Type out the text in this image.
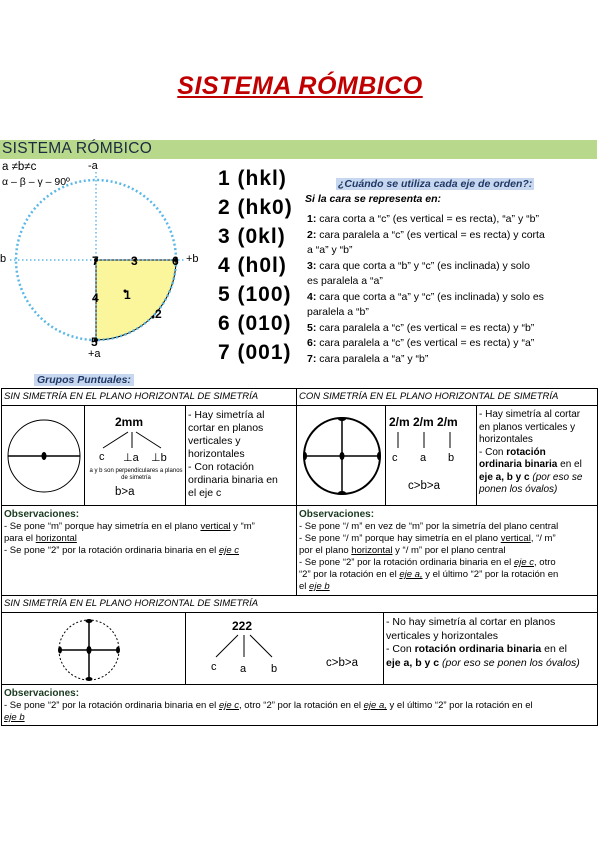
SISTEMA RÓMBICO
SISTEMA RÓMBICO
a ≠b≠c
α – β – γ – 90º
-a
b	+b
5
+a
7	3	6
4 1
2
1 (hkl)
2 (hk0)
3 (0kl)
4 (h0l)
5 (100)
6 (010)
7 (001)
¿Cuándo se utiliza cada eje de orden?:
Si la cara se representa en:
1: cara corta a “c” (es vertical = es recta), “a” y “b”
2: cara paralela a “c” (es vertical = es recta) y corta
a “a” y “b”
3: cara que corta a “b” y “c” (es inclinada) y solo
es paralela a “a”
4: cara que corta a “a” y “c” (es inclinada) y solo es
paralela a “b”
5: cara paralela a “c” (es vertical = es recta) y “b”
6: cara paralela a “c” (es vertical = es recta) y “a”
7: cara paralela a “a” y “b”
Grupos Puntuales:
SIN SIMETRÍA EN EL PLANO HORIZONTAL DE SIMETRÍA
2mm
c ⊥a ⊥b
a y b son perpendiculares a planos de simetría
b>a
- Hay simetría al
cortar en planos
verticales y
horizontales
- Con rotación
ordinaria binaria en
el eje c
Observaciones:
- Se pone “m” porque hay simetría en el plano vertical y “m”
para el horizontal
- Se pone “2” por la rotación ordinaria binaria en el eje c
CON SIMETRÍA EN EL PLANO HORIZONTAL DE SIMETRÍA
2/m 2/m 2/m
c a b
c>b>a
- Hay simetría al cortar
en planos verticales y
horizontales
- Con rotación
ordinaria binaria en el
eje a, b y c (por eso se
ponen los óvalos)
Observaciones:
- Se pone “/ m” en vez de “m” por la simetría del plano central
- Se pone “/ m” porque hay simetría en el plano vertical, “/ m”
por el plano horizontal y “/ m” por el plano central
- Se pone “2” por la rotación ordinaria binaria en el eje c, otro
“2” por la rotación en el eje a, y el último “2” por la rotación en
el eje b
SIN SIMETRÍA EN EL PLANO HORIZONTAL DE SIMETRÍA
222
c a b	c>b>a
- No hay simetría al cortar en planos
verticales y horizontales
- Con rotación ordinaria binaria en el
eje a, b y c (por eso se ponen los óvalos)
Observaciones:
- Se pone “2” por la rotación ordinaria binaria en el eje c, otro “2” por la rotación en el eje a, y el último “2” por la rotación en el
eje b
